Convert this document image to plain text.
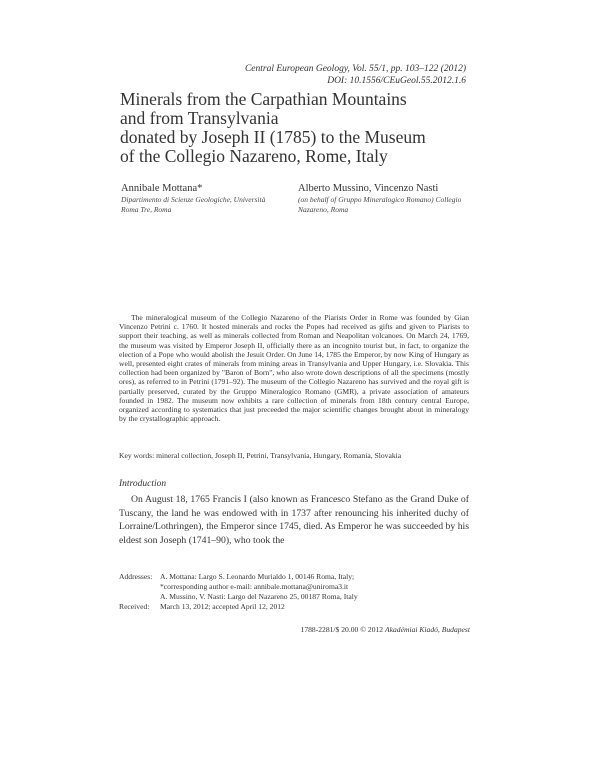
Central European Geology, Vol. 55/1, pp. 103–122 (2012)
DOI: 10.1556/CEuGeol.55.2012.1.6
Minerals from the Carpathian Mountains
and from Transylvania
donated by Joseph II (1785) to the Museum
of the Collegio Nazareno, Rome, Italy
Annibale Mottana*
Dipartimento di Scienze Geologiche, Università Roma Tre, Roma
Alberto Mussino, Vincenzo Nasti
(on behalf of Gruppo Mineralogico Romano) Collegio Nazareno, Roma
The mineralogical museum of the Collegio Nazareno of the Piarists Order in Rome was founded by Gian Vincenzo Petrini c. 1760. It hosted minerals and rocks the Popes had received as gifts and given to Piarists to support their teaching, as well as minerals collected from Roman and Neapolitan volcanoes. On March 24, 1769, the museum was visited by Emperor Joseph II, officially there as an incognito tourist but, in fact, to organize the election of a Pope who would abolish the Jesuit Order. On June 14, 1785 the Emperor, by now King of Hungary as well, presented eight crates of minerals from mining areas in Transylvania and Upper Hungary, i.e. Slovakia. This collection had been organized by "Baron of Born", who also wrote down descriptions of all the specimens (mostly ores), as referred to in Petrini (1791–92). The museum of the Collegio Nazareno has survived and the royal gift is partially preserved, curated by the Gruppo Mineralogico Romano (GMR), a private association of amateurs founded in 1982. The museum now exhibits a rare collection of minerals from 18th century central Europe, organized according to systematics that just preceeded the major scientific changes brought about in mineralogy by the crystallographic approach.
Key words: mineral collection, Joseph II, Petrini, Transylvania, Hungary, Romania, Slovakia
Introduction
On August 18, 1765 Francis I (also known as Francesco Stefano as the Grand Duke of Tuscany, the land he was endowed with in 1737 after renouncing his inherited duchy of Lorraine/Lothringen), the Emperor since 1745, died. As Emperor he was succeeded by his eldest son Joseph (1741–90), who took the
Addresses:	A. Mottana: Largo S. Leonardo Murialdo 1, 00146 Roma, Italy;
*corresponding author e-mail: annibale.mottana@uniroma3.it
A. Mussino, V. Nasti: Largo del Nazareno 25, 00187 Roma, Italy
Received:	March 13, 2012; accepted April 12, 2012
1788-2281/$ 20.00 © 2012 Akadémiai Kiadó, Budapest
